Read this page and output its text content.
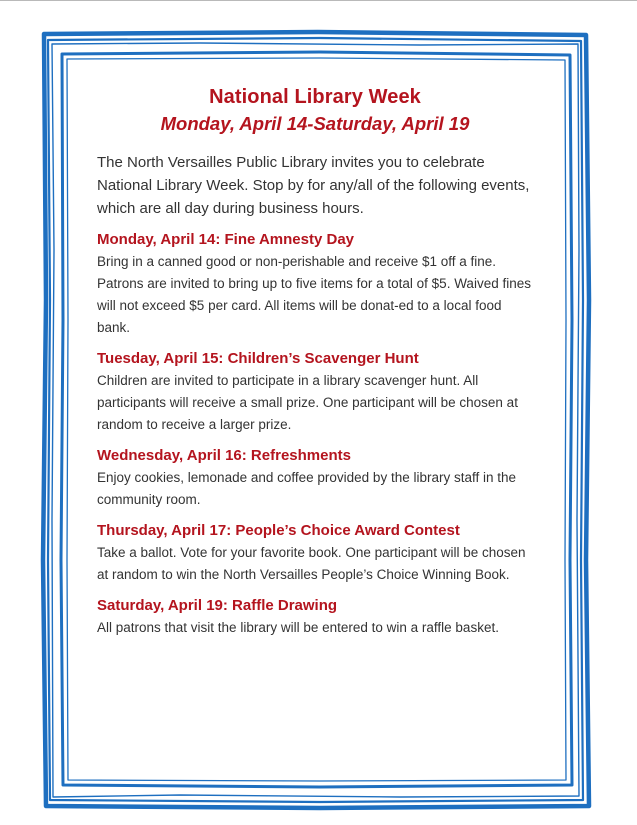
National Library Week
Monday, April 14-Saturday, April 19

The North Versailles Public Library invites you to celebrate National Library Week. Stop by for any/all of the following events, which are all day during business hours.

Monday, April 14: Fine Amnesty Day

Bring in a canned good or non-perishable and receive $1 off a fine. Patrons are invited to bring up to five items for a total of $5. Waived fines will not exceed $5 per card. All items will be donat-ed to a local food bank.

Tuesday, April 15: Children’s Scavenger Hunt

Children are invited to participate in a library scavenger hunt. All participants will receive a small prize. One participant will be chosen at random to receive a larger prize.

Wednesday, April 16: Refreshments

Enjoy cookies, lemonade and coffee provided by the library staff in the community room.

Thursday, April 17: People’s Choice Award Contest

Take a ballot. Vote for your favorite book. One participant will be chosen at random to win the North Versailles People’s Choice Winning Book.

Saturday, April 19: Raffle Drawing

All patrons that visit the library will be entered to win a raffle basket.
